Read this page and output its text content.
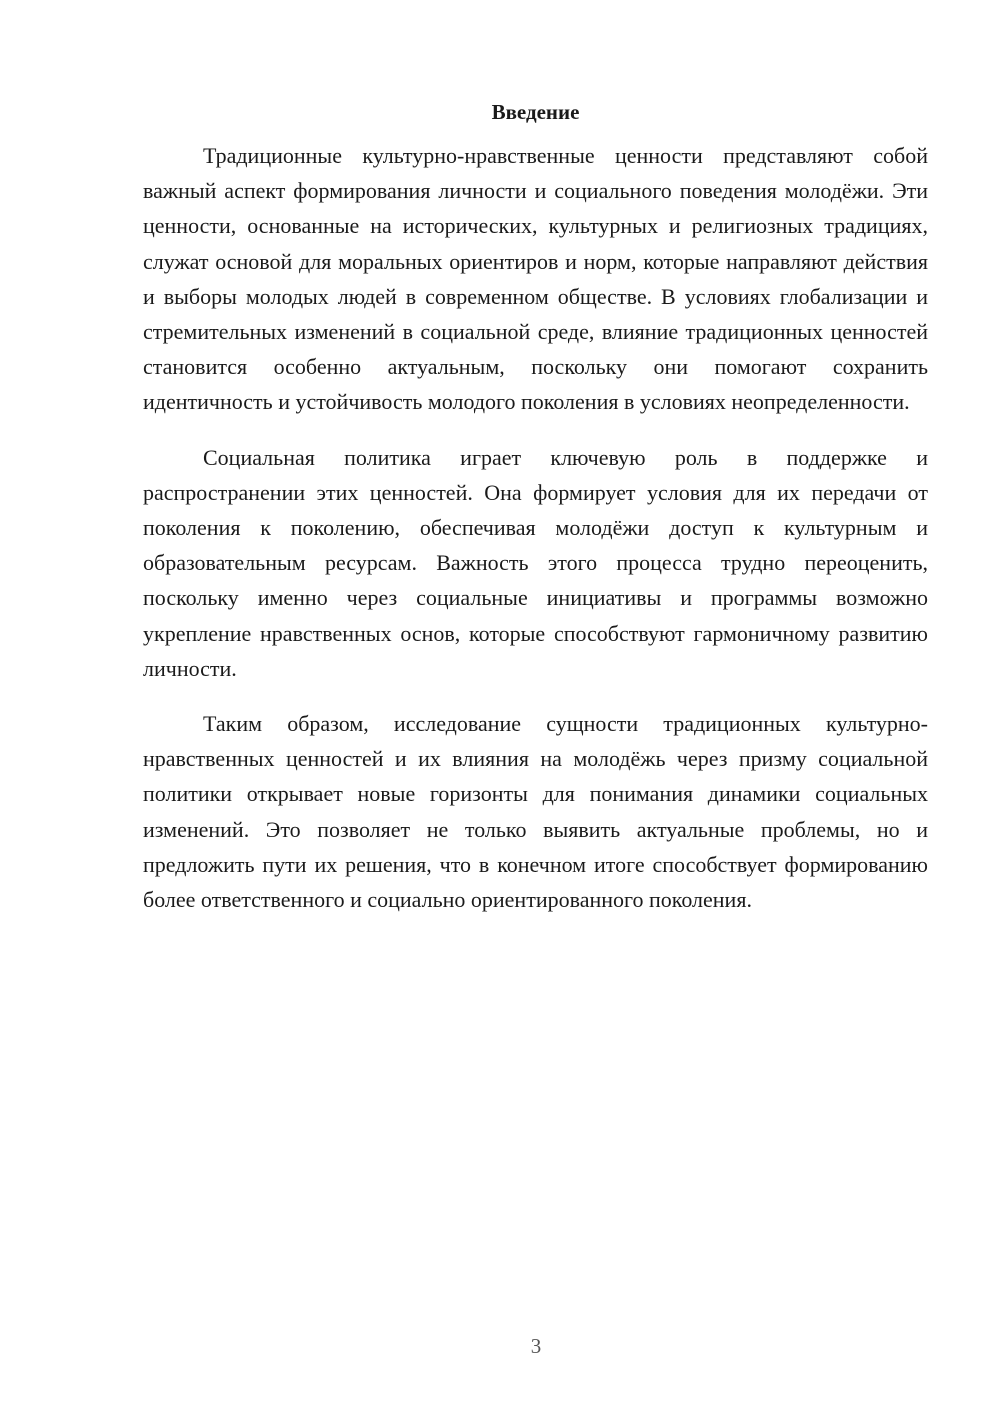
Введение

Традиционные культурно-нравственные ценности представляют собой важный аспект формирования личности и социального поведения молодёжи. Эти ценности, основанные на исторических, культурных и религиозных традициях, служат основой для моральных ориентиров и норм, которые направляют действия и выборы молодых людей в современном обществе. В условиях глобализации и стремительных изменений в социальной среде, влияние традиционных ценностей становится особенно актуальным, поскольку они помогают сохранить идентичность и устойчивость молодого поколения в условиях неопределенности.

Социальная политика играет ключевую роль в поддержке и распространении этих ценностей. Она формирует условия для их передачи от поколения к поколению, обеспечивая молодёжи доступ к культурным и образовательным ресурсам. Важность этого процесса трудно переоценить, поскольку именно через социальные инициативы и программы возможно укрепление нравственных основ, которые способствуют гармоничному развитию личности.

Таким образом, исследование сущности традиционных культурно-нравственных ценностей и их влияния на молодёжь через призму социальной политики открывает новые горизонты для понимания динамики социальных изменений. Это позволяет не только выявить актуальные проблемы, но и предложить пути их решения, что в конечном итоге способствует формированию более ответственного и социально ориентированного поколения.

3
